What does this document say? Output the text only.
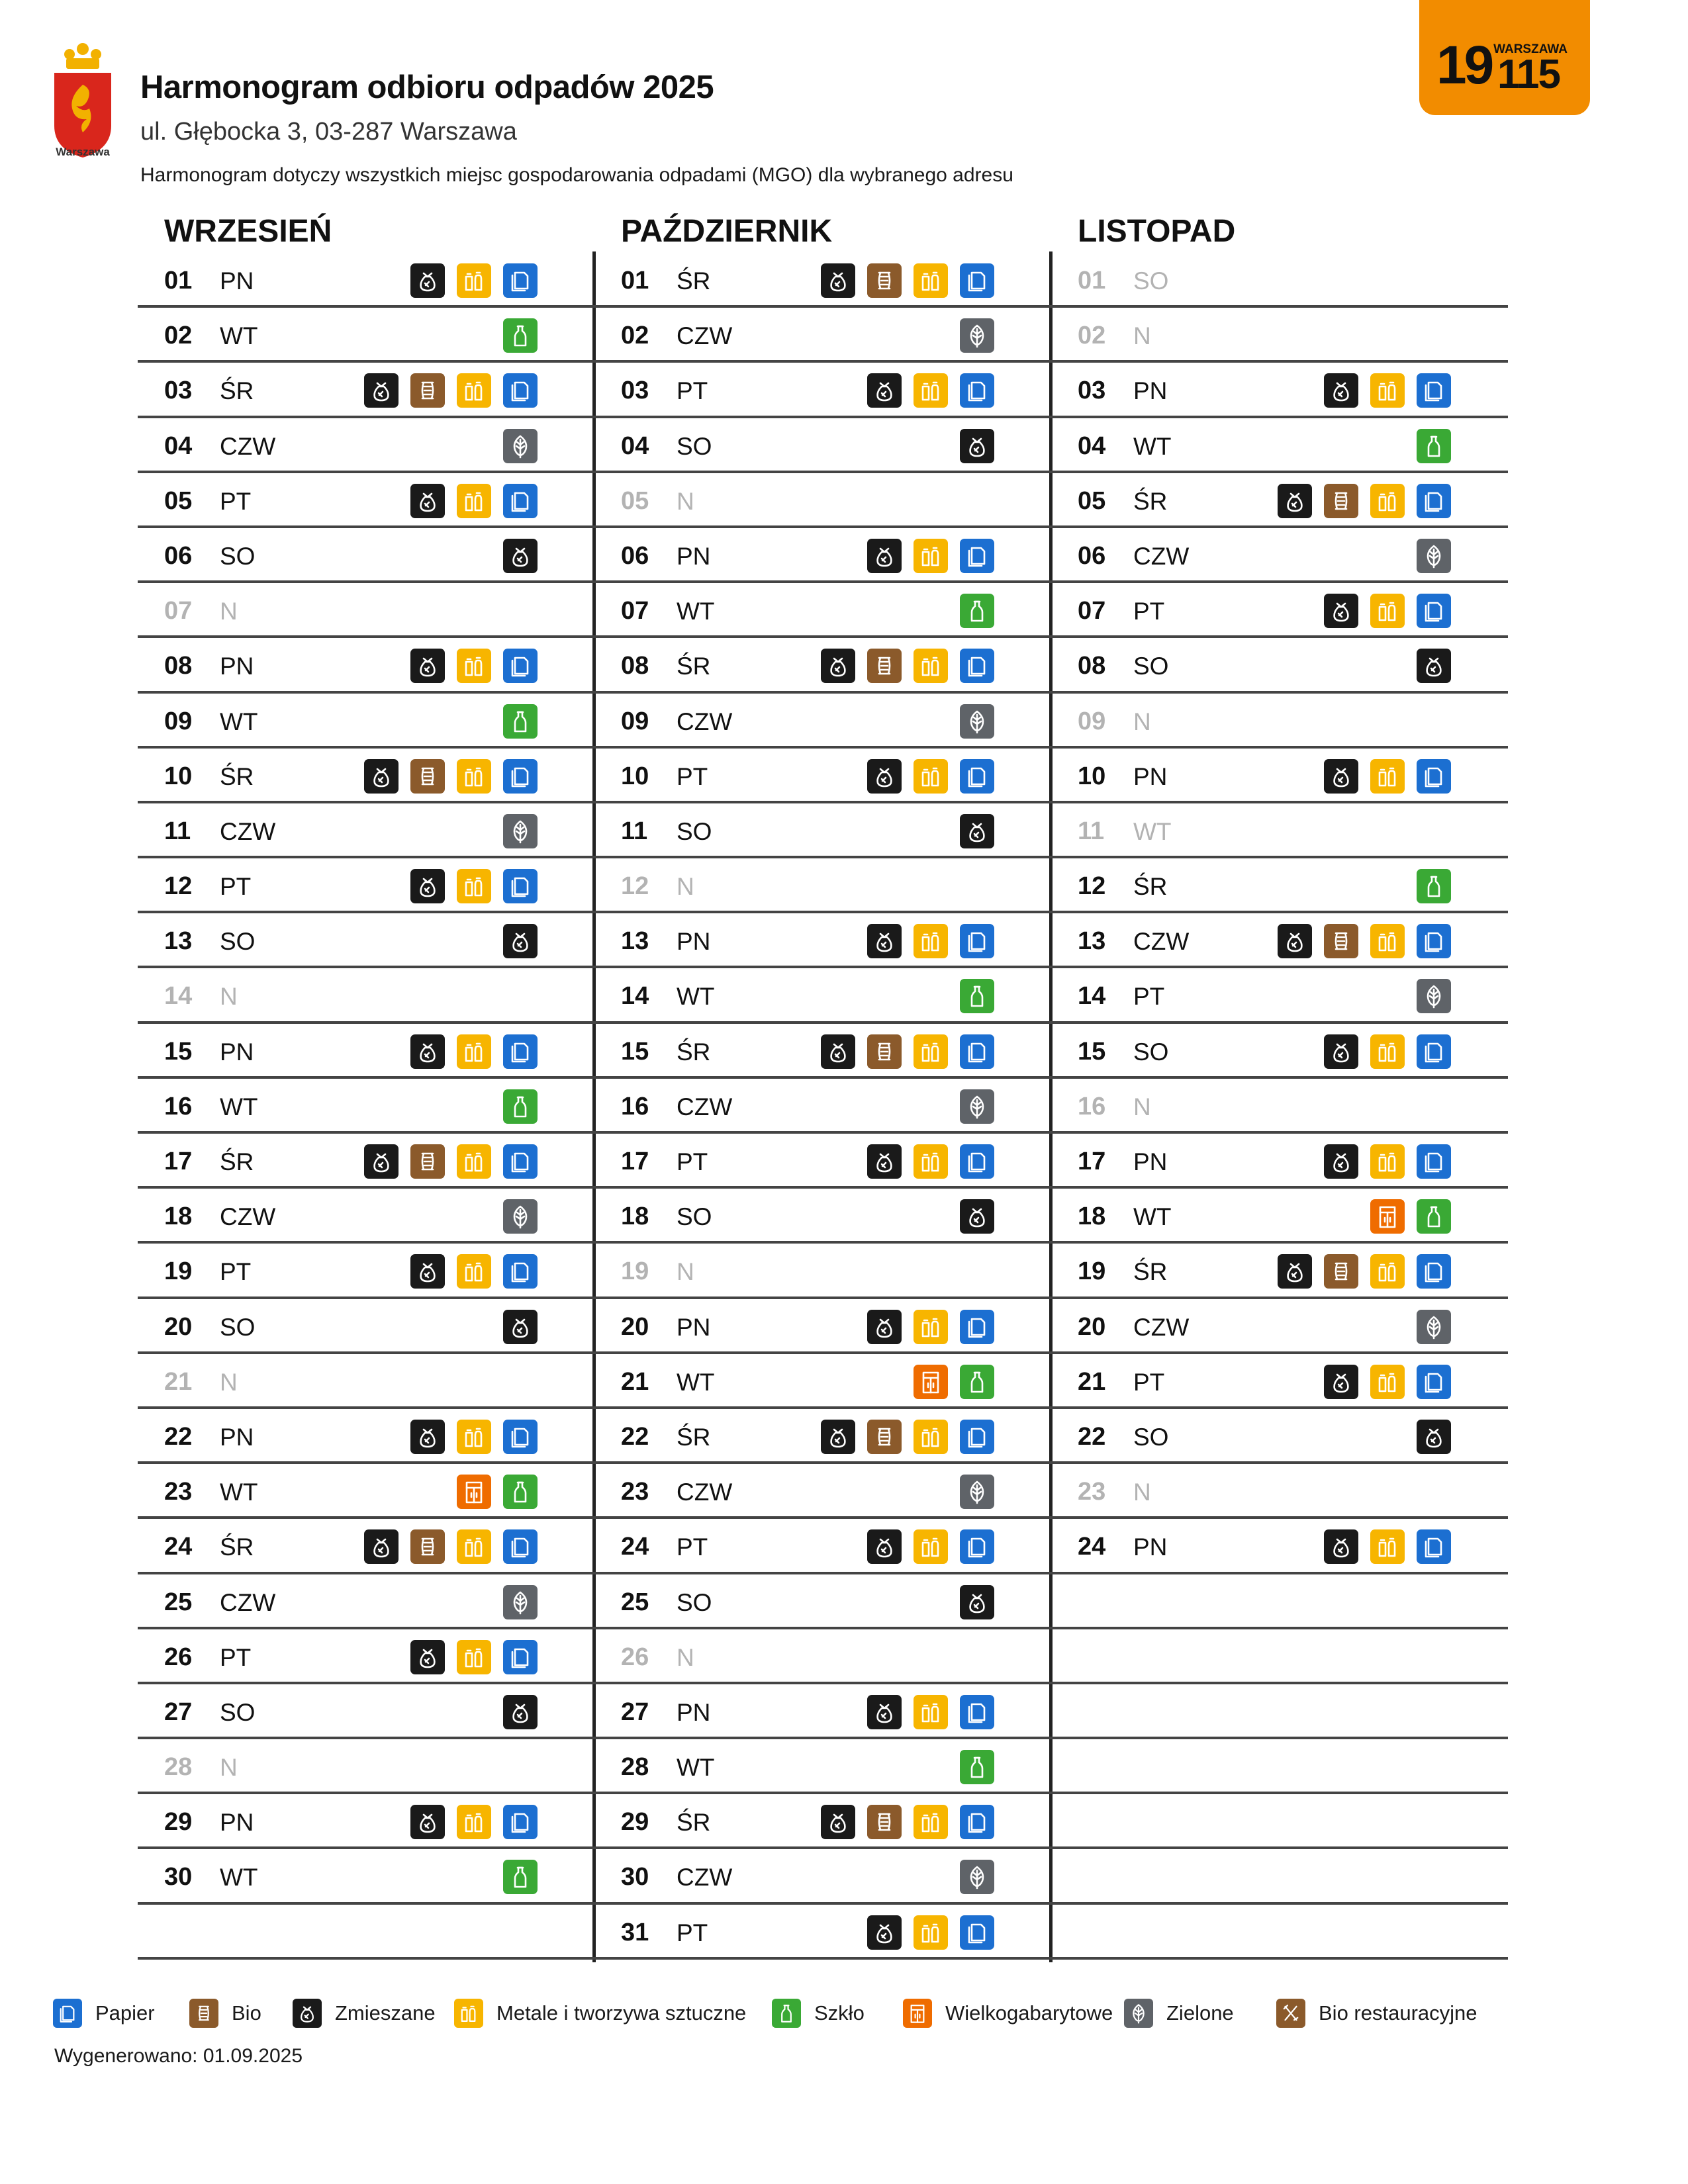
Warszawa
Harmonogram odbioru odpadów 2025
ul. Głębocka 3, 03-287 Warszawa
Harmonogram dotyczy wszystkich miejsc gospodarowania odpadami (MGO) dla wybranego adresu
WARSZAWA
19 115
WRZESIEŃ
01 PN
02 WT
03 ŚR
04 CZW
05 PT
06 SO
07 N
08 PN
09 WT
10 ŚR
11 CZW
12 PT
13 SO
14 N
15 PN
16 WT
17 ŚR
18 CZW
19 PT
20 SO
21 N
22 PN
23 WT
24 ŚR
25 CZW
26 PT
27 SO
28 N
29 PN
30 WT
PAŹDZIERNIK
01 ŚR
02 CZW
03 PT
04 SO
05 N
06 PN
07 WT
08 ŚR
09 CZW
10 PT
11 SO
12 N
13 PN
14 WT
15 ŚR
16 CZW
17 PT
18 SO
19 N
20 PN
21 WT
22 ŚR
23 CZW
24 PT
25 SO
26 N
27 PN
28 WT
29 ŚR
30 CZW
31 PT
LISTOPAD
01 SO
02 N
03 PN
04 WT
05 ŚR
06 CZW
07 PT
08 SO
09 N
10 PN
11 WT
12 ŚR
13 CZW
14 PT
15 SO
16 N
17 PN
18 WT
19 ŚR
20 CZW
21 PT
22 SO
23 N
24 PN
Papier	Bio	Zmieszane	Metale i tworzywa sztuczne	Szkło	Wielkogabarytowe	Zielone	Bio restauracyjne
Wygenerowano: 01.09.2025
